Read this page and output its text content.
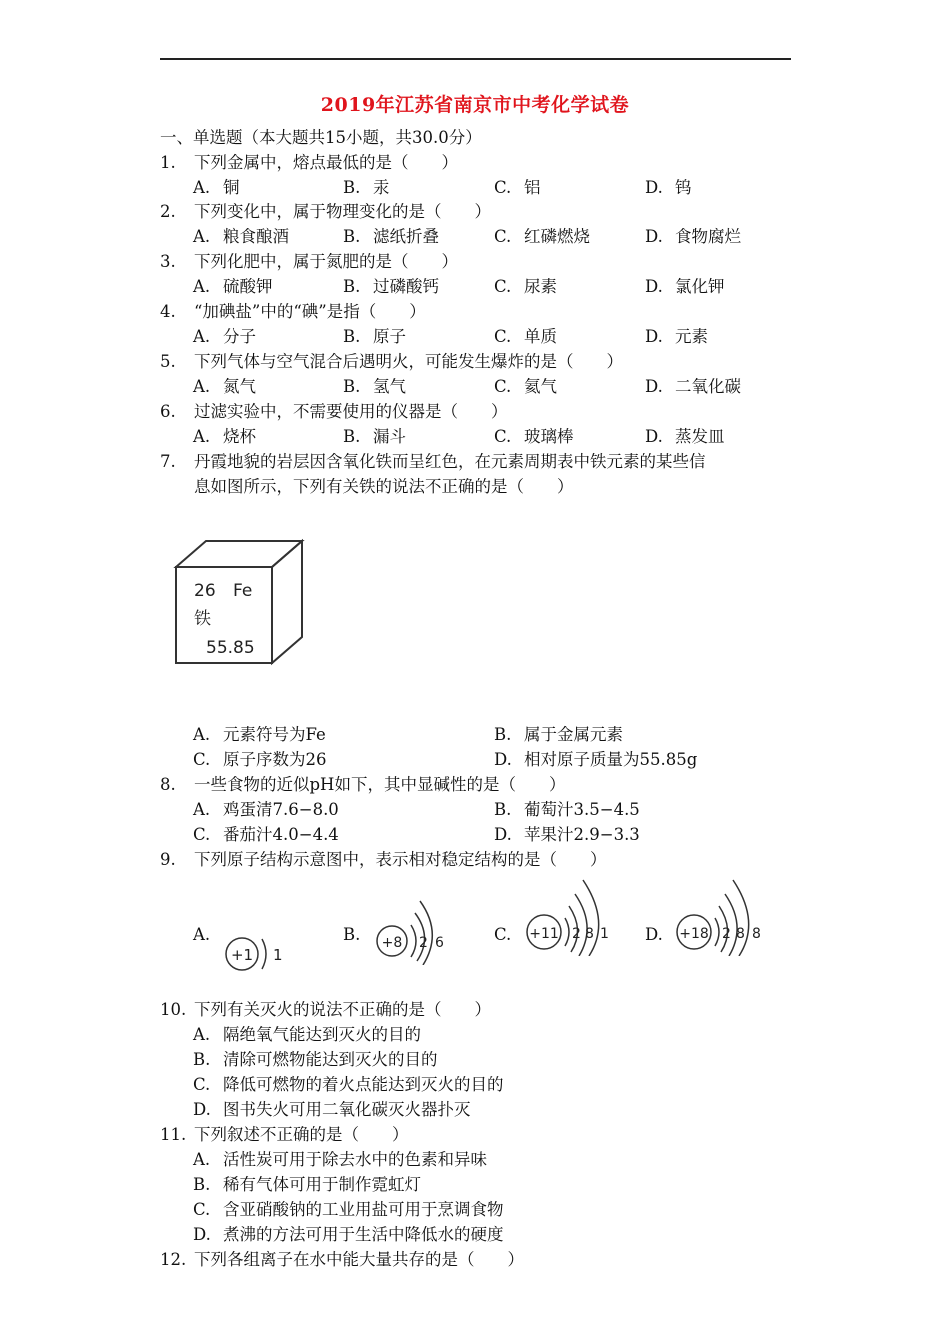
2019年江苏省南京市中考化学试卷
一、单选题（本大题共15小题，共30.0分）
1.	下列金属中，熔点最低的是（　　）
A. 铜	B. 汞	C. 铝	D. 钨
2.	下列变化中，属于物理变化的是（　　）
A. 粮食酿酒	B. 滤纸折叠	C. 红磷燃烧	D. 食物腐烂
3.	下列化肥中，属于氮肥的是（　　）
A. 硫酸钾	B. 过磷酸钙	C. 尿素	D. 氯化钾
4.	“加碘盐”中的“碘”是指（　　）
A. 分子	B. 原子	C. 单质	D. 元素
5.	下列气体与空气混合后遇明火，可能发生爆炸的是（　　）
A. 氮气	B. 氢气	C. 氦气	D. 二氧化碳
6.	过滤实验中，不需要使用的仪器是（　　）
A. 烧杯	B. 漏斗	C. 玻璃棒	D. 蒸发皿
7.	丹霞地貌的岩层因含氧化铁而呈红色，在元素周期表中铁元素的某些信
息如图所示，下列有关铁的说法不正确的是（　　）
26 Fe
铁
55.85
A. 元素符号为Fe	B. 属于金属元素
C. 原子序数为26	D. 相对原子质量为55.85g
8.	一些食物的近似pH如下，其中显碱性的是（　　）
A. 鸡蛋清7.6−8.0	B. 葡萄汁3.5−4.5
C. 番茄汁4.0−4.4	D. 苹果汁2.9−3.3
9.	下列原子结构示意图中，表示相对稳定结构的是（　　）
A.
+1 1
B. +8 2 6	C. +11 2 8 1 D. +18 2 8 8
10. 下列有关灭火的说法不正确的是（　　）
A. 隔绝氧气能达到灭火的目的
B. 清除可燃物能达到灭火的目的
C. 降低可燃物的着火点能达到灭火的目的
D. 图书失火可用二氧化碳灭火器扑灭
11. 下列叙述不正确的是（　　）
A. 活性炭可用于除去水中的色素和异味
B. 稀有气体可用于制作霓虹灯
C. 含亚硝酸钠的工业用盐可用于烹调食物
D. 煮沸的方法可用于生活中降低水的硬度
12. 下列各组离子在水中能大量共存的是（　　）
